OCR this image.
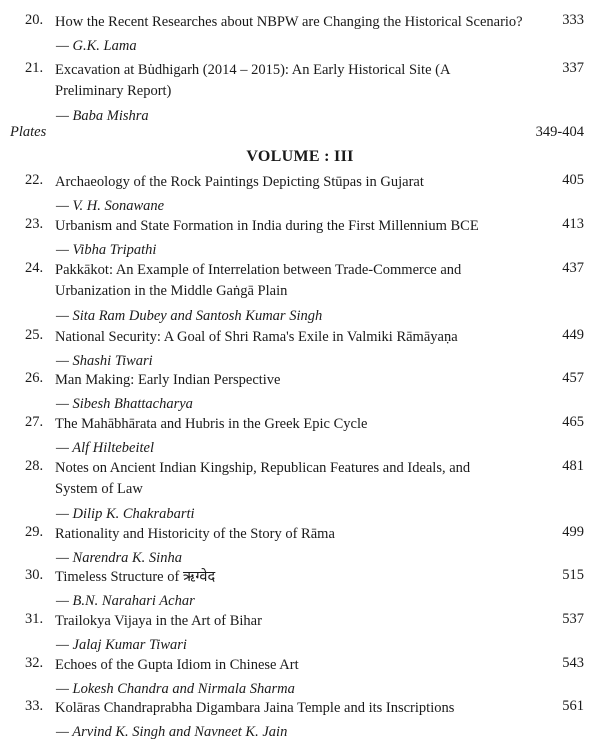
20. How the Recent Researches about NBPW are Changing the Historical Scenario?	333
— G.K. Lama
21. Excavation at Bu̇dhigarh (2014 – 2015): An Early Historical Site (A Preliminary Report)
337
— Baba Mishra
Plates	349-404
VOLUME : III
22. Archaeology of the Rock Paintings Depicting Stūpas in Gujarat	405
— V. H. Sonawane
23. Urbanism and State Formation in India during the First Millennium BCE	413
— Vibha Tripathi
24. Pakkākot: An Example of Interrelation between Trade-Commerce and Urbanization in the Middle Gaṅgā Plain
437
— Sita Ram Dubey and Santosh Kumar Singh
25. National Security: A Goal of Shri Rama's Exile in Valmiki Rāmāyaṇa	449
— Shashi Tiwari
26. Man Making: Early Indian Perspective	457
— Sibesh Bhattacharya
27. The Mahābhārata and Hubris in the Greek Epic Cycle	465
— Alf Hiltebeitel
28. Notes on Ancient Indian Kingship, Republican Features and Ideals, and System of Law
481
— Dilip K. Chakrabarti
29. Rationality and Historicity of the Story of Rāma	499
— Narendra K. Sinha
30. Timeless Structure of ऋग्वेद	515
— B.N. Narahari Achar
31. Trailokya Vijaya in the Art of Bihar	537
— Jalaj Kumar Tiwari
32. Echoes of the Gupta Idiom in Chinese Art	543
— Lokesh Chandra and Nirmala Sharma
33. Kolāras Chandraprabha Digambara Jaina Temple and its Inscriptions	561
— Arvind K. Singh and Navneet K. Jain
